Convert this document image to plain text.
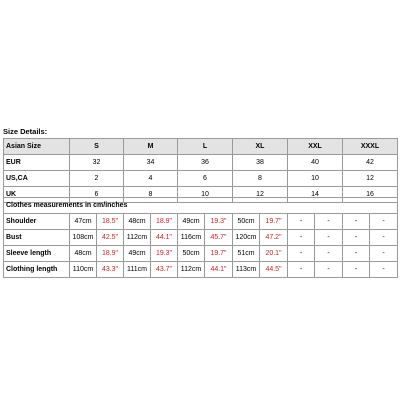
Size Details:
Asian Size	S	M	L	XL	XXL	XXXL
EUR	32	34	36	38	40	42
US,CA	2	4	6	8	10	12
UK	6	8	10	12	14	16
Clothes measurements in cm/inches												
Shoulder	47cm	18.5"	48cm	18.9"	49cm	19.3"	50cm	19.7"	-	-	-	-
Bust	108cm	42.5"	112cm	44.1"	116cm	45.7"	120cm	47.2"	-	-	-	-
Sleeve length	48cm	18.9"	49cm	19.3"	50cm	19.7"	51cm	20.1"	-	-	-	-
Clothing length	110cm	43.3"	111cm	43.7"	112cm	44.1"	113cm	44.5"	-	-	-	-
